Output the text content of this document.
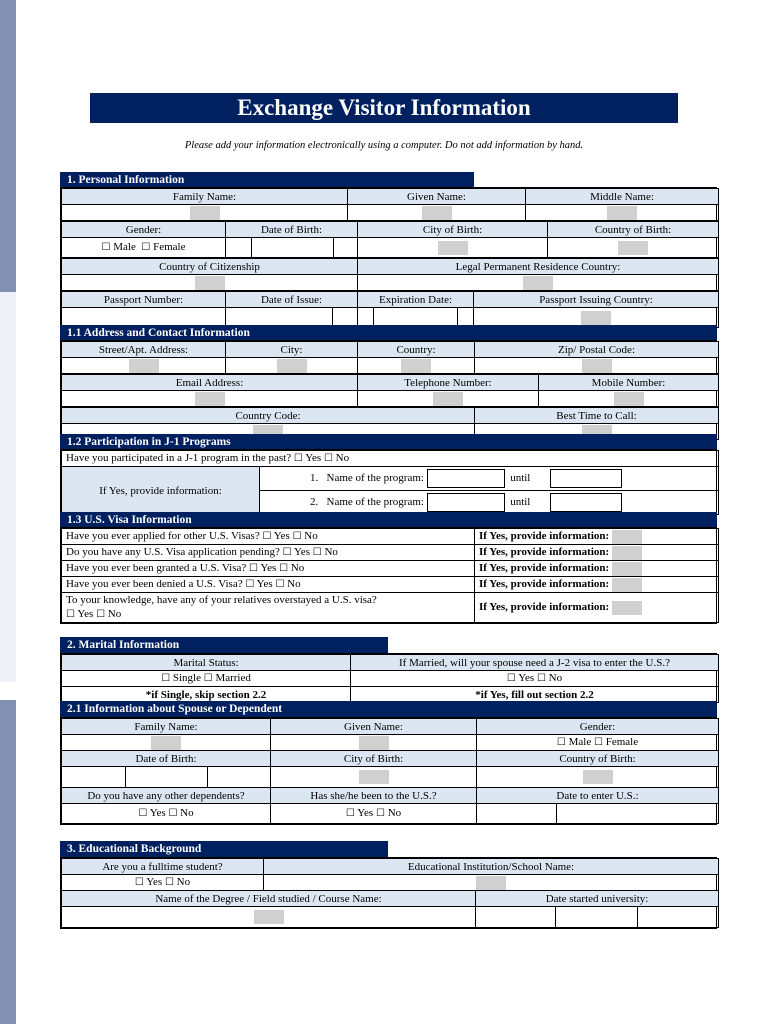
Exchange Visitor Information
Please add your information electronically using a computer. Do not add information by hand.
1. Personal Information
Family Name:	Given Name:	Middle Name:

Gender:	Date of Birth:			City of Birth:	Country of Birth:
☐ Male ☐ Female					
Country of Citizenship	Legal Permanent Residence Country:

Passport Number:	Date of Issue:		Expiration Date:			Passport Issuing Country:

1.1 Address and Contact Information
Street/Apt. Address:	City:	Country:	Zip/ Postal Code:

Email Address:	Telephone Number:	Mobile Number:

Country Code:	Best Time to Call:

1.2 Participation in J-1 Programs
Have you participated in a J-1 program in the past? ☐ Yes ☐ No
If Yes, provide information:	
1. Name of the program:	until
2. Name of the program:	until
1.3 U.S. Visa Information
Have you ever applied for other U.S. Visas? ☐ Yes ☐ No	If Yes, provide information:
Do you have any U.S. Visa application pending? ☐ Yes ☐ No	If Yes, provide information:
Have you ever been granted a U.S. Visa? ☐ Yes ☐ No	If Yes, provide information:
Have you ever been denied a U.S. Visa? ☐ Yes ☐ No	If Yes, provide information:

To your knowledge, have any of your relatives overstayed a U.S. visa?
☐ Yes ☐ No	If Yes, provide information:
2. Marital Information
Marital Status:	If Married, will your spouse need a J-2 visa to enter the U.S.?
☐ Single ☐ Married	☐ Yes ☐ No
*if Single, skip section 2.2	*if Yes, fill out section 2.2
2.1 Information about Spouse or Dependent
Family Name:			Given Name:	Gender:	
				☐ Male ☐ Female	
Date of Birth:			City of Birth:	Country of Birth:	

Do you have any other dependents?			Has she/he been to the U.S.?	Date to enter U.S.:	
☐ Yes ☐ No			☐ Yes ☐ No		
3. Educational Background
Are you a fulltime student?	Educational Institution/School Name:			
☐ Yes ☐ No				
Name of the Degree / Field studied / Course Name:		Date started university:		
